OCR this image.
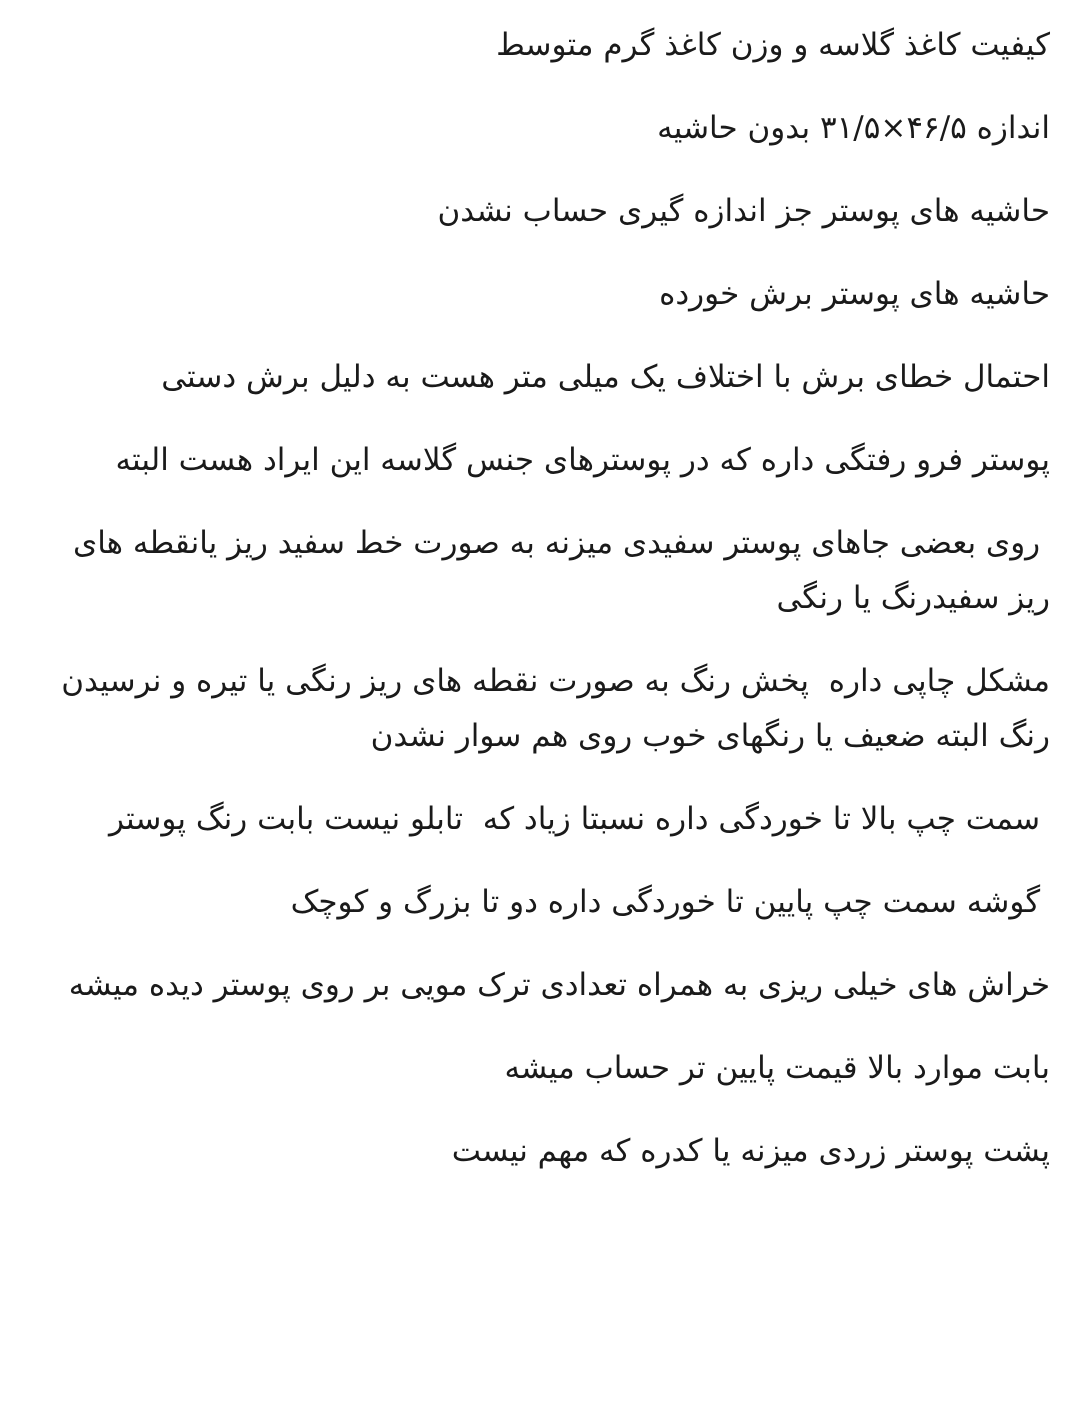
کیفیت کاغذ گلاسه و وزن کاغذ گرم متوسط

اندازه ۴۶/۵×۳۱/۵ بدون حاشیه

حاشیه های پوستر جز اندازه گیری حساب نشدن

حاشیه های پوستر برش خورده

احتمال خطای برش با اختلاف یک میلی متر هست به دلیل برش دستی

پوستر فرو رفتگی داره که در پوسترهای جنس گلاسه این ایراد هست البته

روی بعضی جاهای پوستر سفیدی میزنه به صورت خط سفید ریز یانقطه های ریز سفیدرنگ یا رنگی

مشکل چاپی داره  پخش رنگ به صورت نقطه های ریز رنگی یا تیره و نرسیدن رنگ البته ضعیف یا رنگهای خوب روی هم سوار نشدن

سمت چپ بالا تا خوردگی داره نسبتا زیاد که  تابلو نیست بابت رنگ پوستر

گوشه سمت چپ پایین تا خوردگی داره دو تا بزرگ و کوچک

خراش های خیلی ریزی به همراه تعدادی ترک مویی بر روی پوستر دیده میشه

بابت موارد بالا قیمت پایین تر حساب میشه

پشت پوستر زردی میزنه یا کدره که مهم نیست
